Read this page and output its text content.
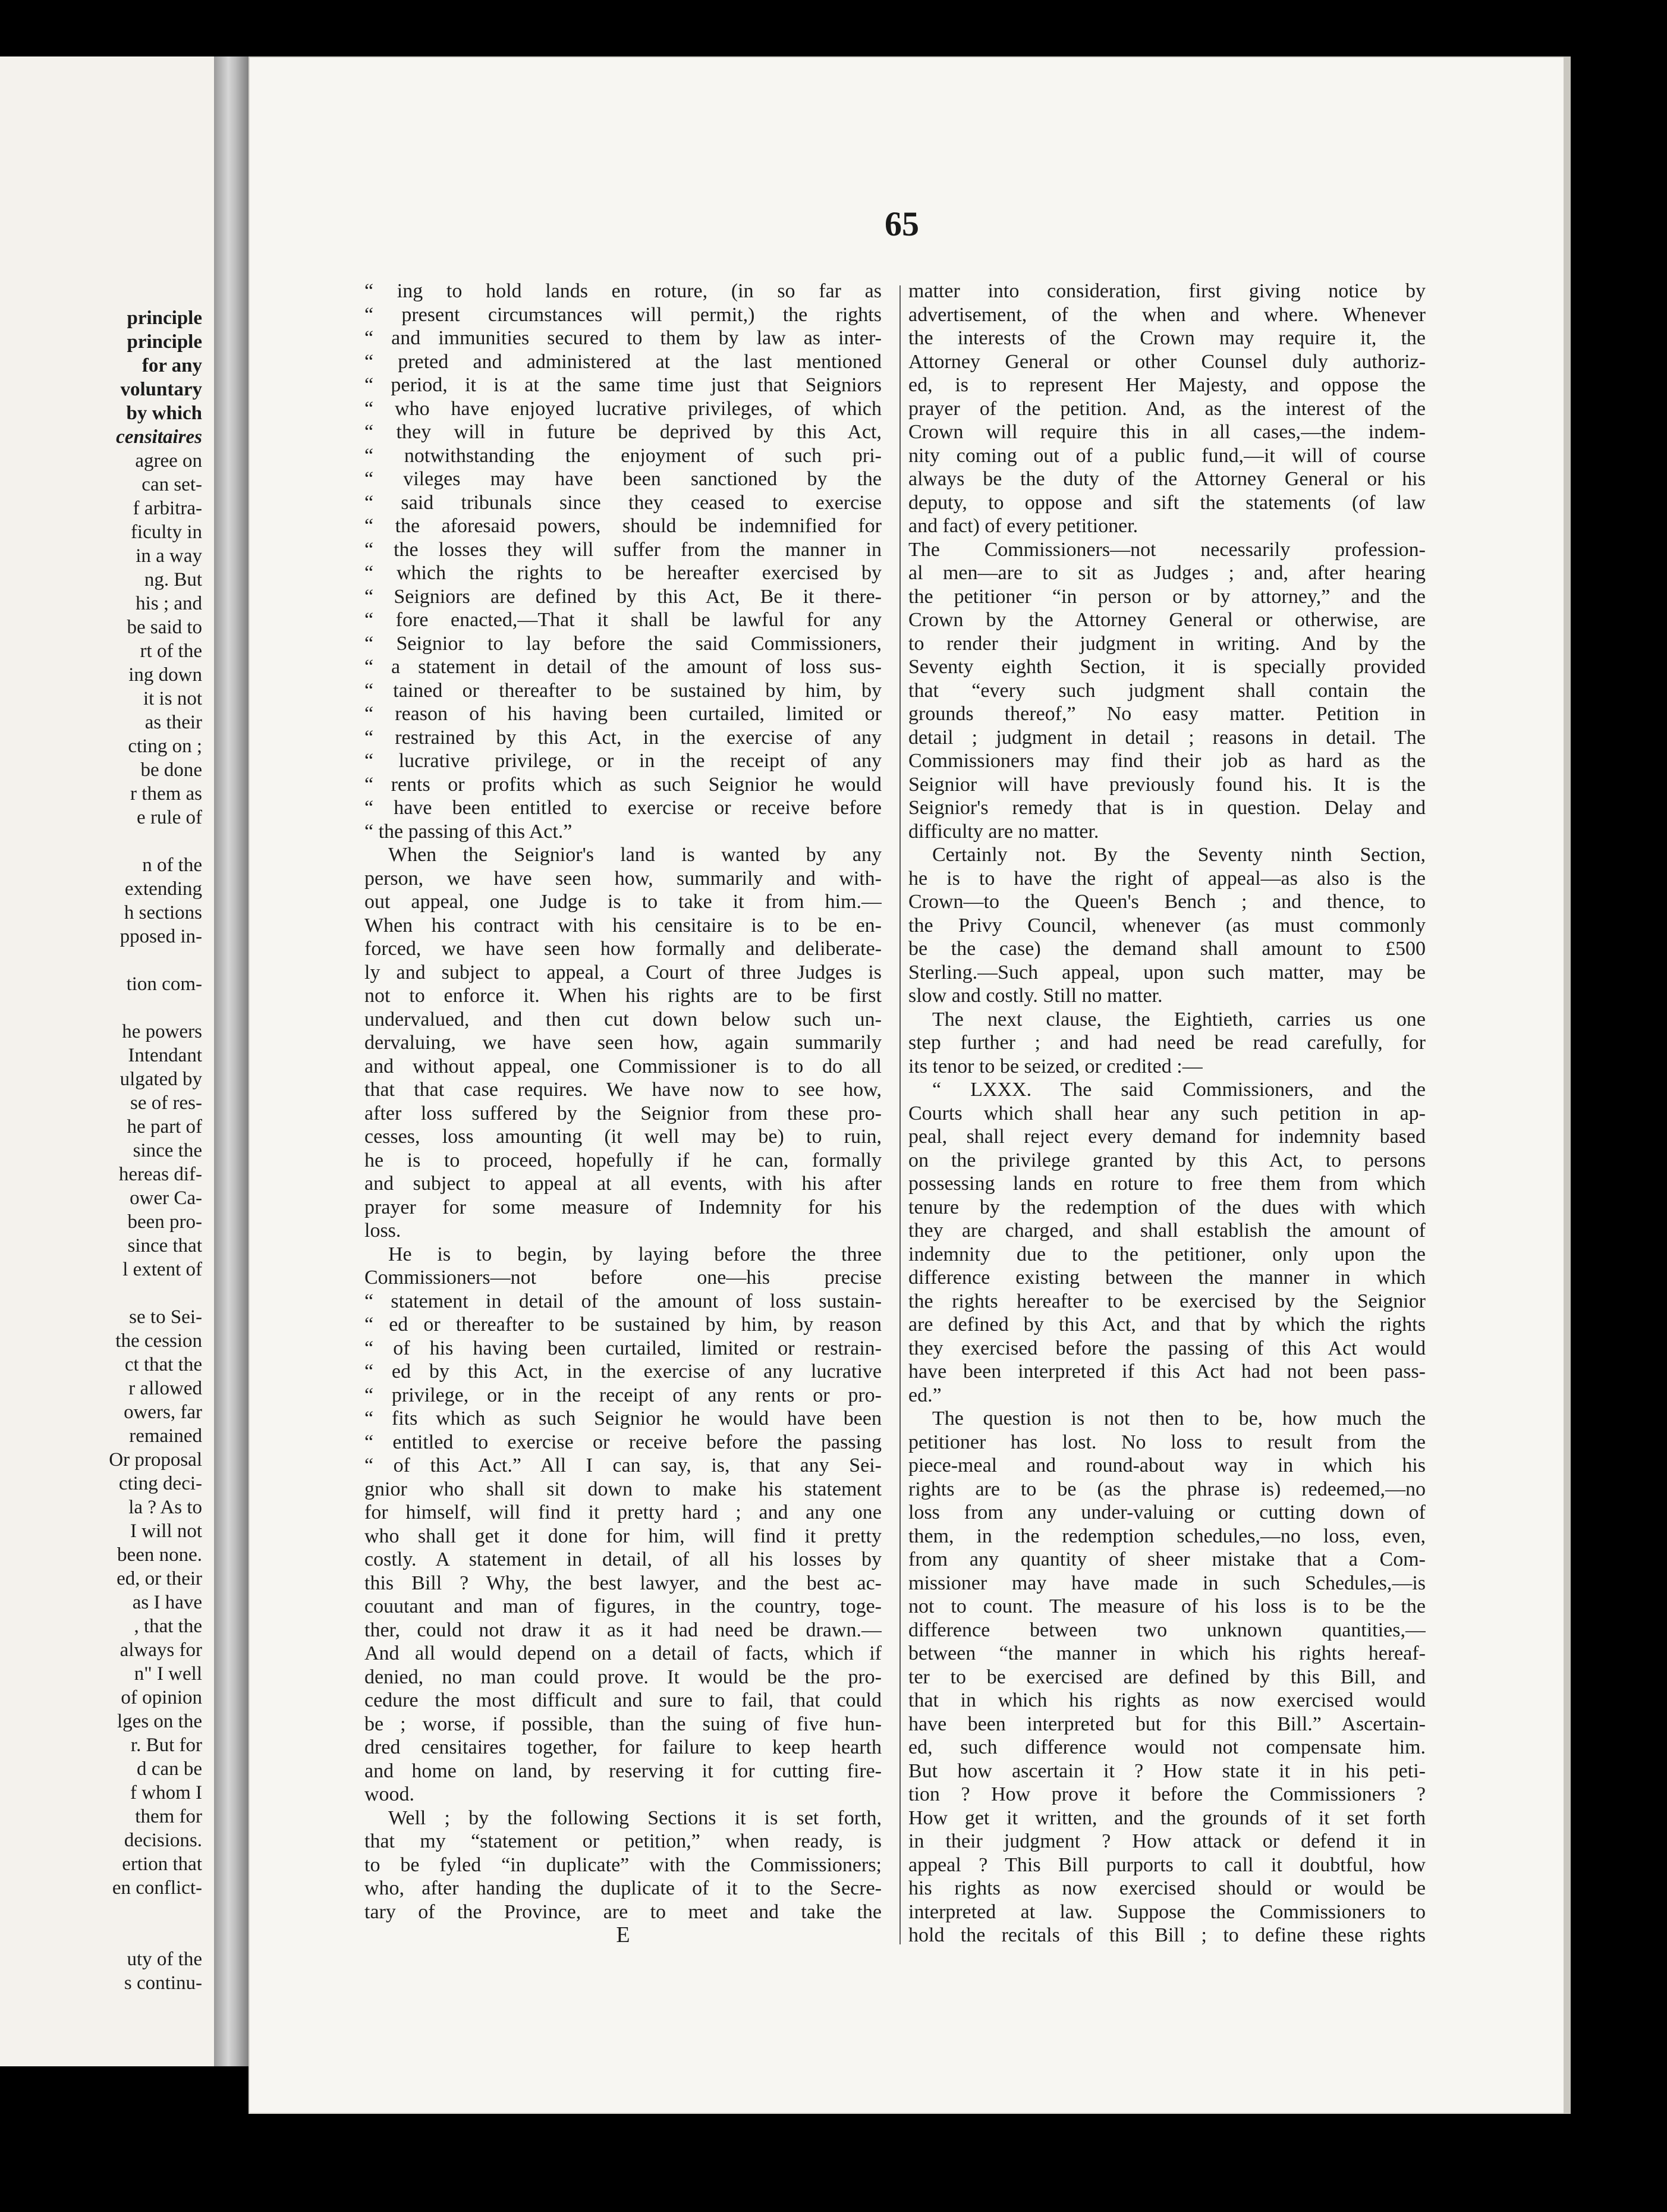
principle
principle
for any
voluntary
by which
censitaires
agree on
can set-
f arbitra-
ficulty in
in a way
ng. But
his ; and
be said to
rt of the
ing down
it is not
as their
cting on ;
be done
r them as
e rule of
n of the
extending
h sections
pposed in-
tion com-
he powers
Intendant
ulgated by
se of res-
he part of
since the
hereas dif-
ower Ca-
been pro-
since that
l extent of
se to Sei-
the cession
ct that the
r allowed
owers, far
remained
Or proposal
cting deci-
la ? As to
I will not
been none.
ed, or their
as I have
, that the
always for
n" I well
of opinion
lges on the
r. But for
d can be
f whom I
them for
decisions.
ertion that
en conflict-
uty of the
s continu-
65
“ ing to hold lands en roture, (in so far as
“ present circumstances will permit,) the rights
“ and immunities secured to them by law as inter-
“ preted and administered at the last mentioned
“ period, it is at the same time just that Seigniors
“ who have enjoyed lucrative privileges, of which
“ they will in future be deprived by this Act,
“ notwithstanding the enjoyment of such pri-
“ vileges may have been sanctioned by the
“ said tribunals since they ceased to exercise
“ the aforesaid powers, should be indemnified for
“ the losses they will suffer from the manner in
“ which the rights to be hereafter exercised by
“ Seigniors are defined by this Act, Be it there-
“ fore enacted,—That it shall be lawful for any
“ Seignior to lay before the said Commissioners,
“ a statement in detail of the amount of loss sus-
“ tained or thereafter to be sustained by him, by
“ reason of his having been curtailed, limited or
“ restrained by this Act, in the exercise of any
“ lucrative privilege, or in the receipt of any
“ rents or profits which as such Seignior he would
“ have been entitled to exercise or receive before
“ the passing of this Act.”
When the Seignior's land is wanted by any
person, we have seen how, summarily and with-
out appeal, one Judge is to take it from him.—
When his contract with his censitaire is to be en-
forced, we have seen how formally and deliberate-
ly and subject to appeal, a Court of three Judges is
not to enforce it. When his rights are to be first
undervalued, and then cut down below such un-
dervaluing, we have seen how, again summarily
and without appeal, one Commissioner is to do all
that that case requires. We have now to see how,
after loss suffered by the Seignior from these pro-
cesses, loss amounting (it well may be) to ruin,
he is to proceed, hopefully if he can, formally
and subject to appeal at all events, with his after
prayer for some measure of Indemnity for his
loss.
He is to begin, by laying before the three
Commissioners—not before one—his precise
“ statement in detail of the amount of loss sustain-
“ ed or thereafter to be sustained by him, by reason
“ of his having been curtailed, limited or restrain-
“ ed by this Act, in the exercise of any lucrative
“ privilege, or in the receipt of any rents or pro-
“ fits which as such Seignior he would have been
“ entitled to exercise or receive before the passing
“ of this Act.” All I can say, is, that any Sei-
gnior who shall sit down to make his statement
for himself, will find it pretty hard ; and any one
who shall get it done for him, will find it pretty
costly. A statement in detail, of all his losses by
this Bill ? Why, the best lawyer, and the best ac-
couutant and man of figures, in the country, toge-
ther, could not draw it as it had need be drawn.—
And all would depend on a detail of facts, which if
denied, no man could prove. It would be the pro-
cedure the most difficult and sure to fail, that could
be ; worse, if possible, than the suing of five hun-
dred censitaires together, for failure to keep hearth
and home on land, by reserving it for cutting fire-
wood.
Well ; by the following Sections it is set forth,
that my “statement or petition,” when ready, is
to be fyled “in duplicate” with the Commissioners;
who, after handing the duplicate of it to the Secre-
tary of the Province, are to meet and take the
E
matter into consideration, first giving notice by
advertisement, of the when and where. Whenever
the interests of the Crown may require it, the
Attorney General or other Counsel duly authoriz-
ed, is to represent Her Majesty, and oppose the
prayer of the petition. And, as the interest of the
Crown will require this in all cases,—the indem-
nity coming out of a public fund,—it will of course
always be the duty of the Attorney General or his
deputy, to oppose and sift the statements (of law
and fact) of every petitioner.
The Commissioners—not necessarily profession-
al men—are to sit as Judges ; and, after hearing
the petitioner “in person or by attorney,” and the
Crown by the Attorney General or otherwise, are
to render their judgment in writing. And by the
Seventy eighth Section, it is specially provided
that “every such judgment shall contain the
grounds thereof,” No easy matter. Petition in
detail ; judgment in detail ; reasons in detail. The
Commissioners may find their job as hard as the
Seignior will have previously found his. It is the
Seignior's remedy that is in question. Delay and
difficulty are no matter.
Certainly not. By the Seventy ninth Section,
he is to have the right of appeal—as also is the
Crown—to the Queen's Bench ; and thence, to
the Privy Council, whenever (as must commonly
be the case) the demand shall amount to £500
Sterling.—Such appeal, upon such matter, may be
slow and costly. Still no matter.
The next clause, the Eightieth, carries us one
step further ; and had need be read carefully, for
its tenor to be seized, or credited :—
“ LXXX. The said Commissioners, and the
Courts which shall hear any such petition in ap-
peal, shall reject every demand for indemnity based
on the privilege granted by this Act, to persons
possessing lands en roture to free them from which
tenure by the redemption of the dues with which
they are charged, and shall establish the amount of
indemnity due to the petitioner, only upon the
difference existing between the manner in which
the rights hereafter to be exercised by the Seignior
are defined by this Act, and that by which the rights
they exercised before the passing of this Act would
have been interpreted if this Act had not been pass-
ed.”
The question is not then to be, how much the
petitioner has lost. No loss to result from the
piece-meal and round-about way in which his
rights are to be (as the phrase is) redeemed,—no
loss from any under-valuing or cutting down of
them, in the redemption schedules,—no loss, even,
from any quantity of sheer mistake that a Com-
missioner may have made in such Schedules,—is
not to count. The measure of his loss is to be the
difference between two unknown quantities,—
between “the manner in which his rights hereaf-
ter to be exercised are defined by this Bill, and
that in which his rights as now exercised would
have been interpreted but for this Bill.” Ascertain-
ed, such difference would not compensate him.
But how ascertain it ? How state it in his peti-
tion ? How prove it before the Commissioners ?
How get it written, and the grounds of it set forth
in their judgment ? How attack or defend it in
appeal ? This Bill purports to call it doubtful, how
his rights as now exercised should or would be
interpreted at law. Suppose the Commissioners to
hold the recitals of this Bill ; to define these rights
